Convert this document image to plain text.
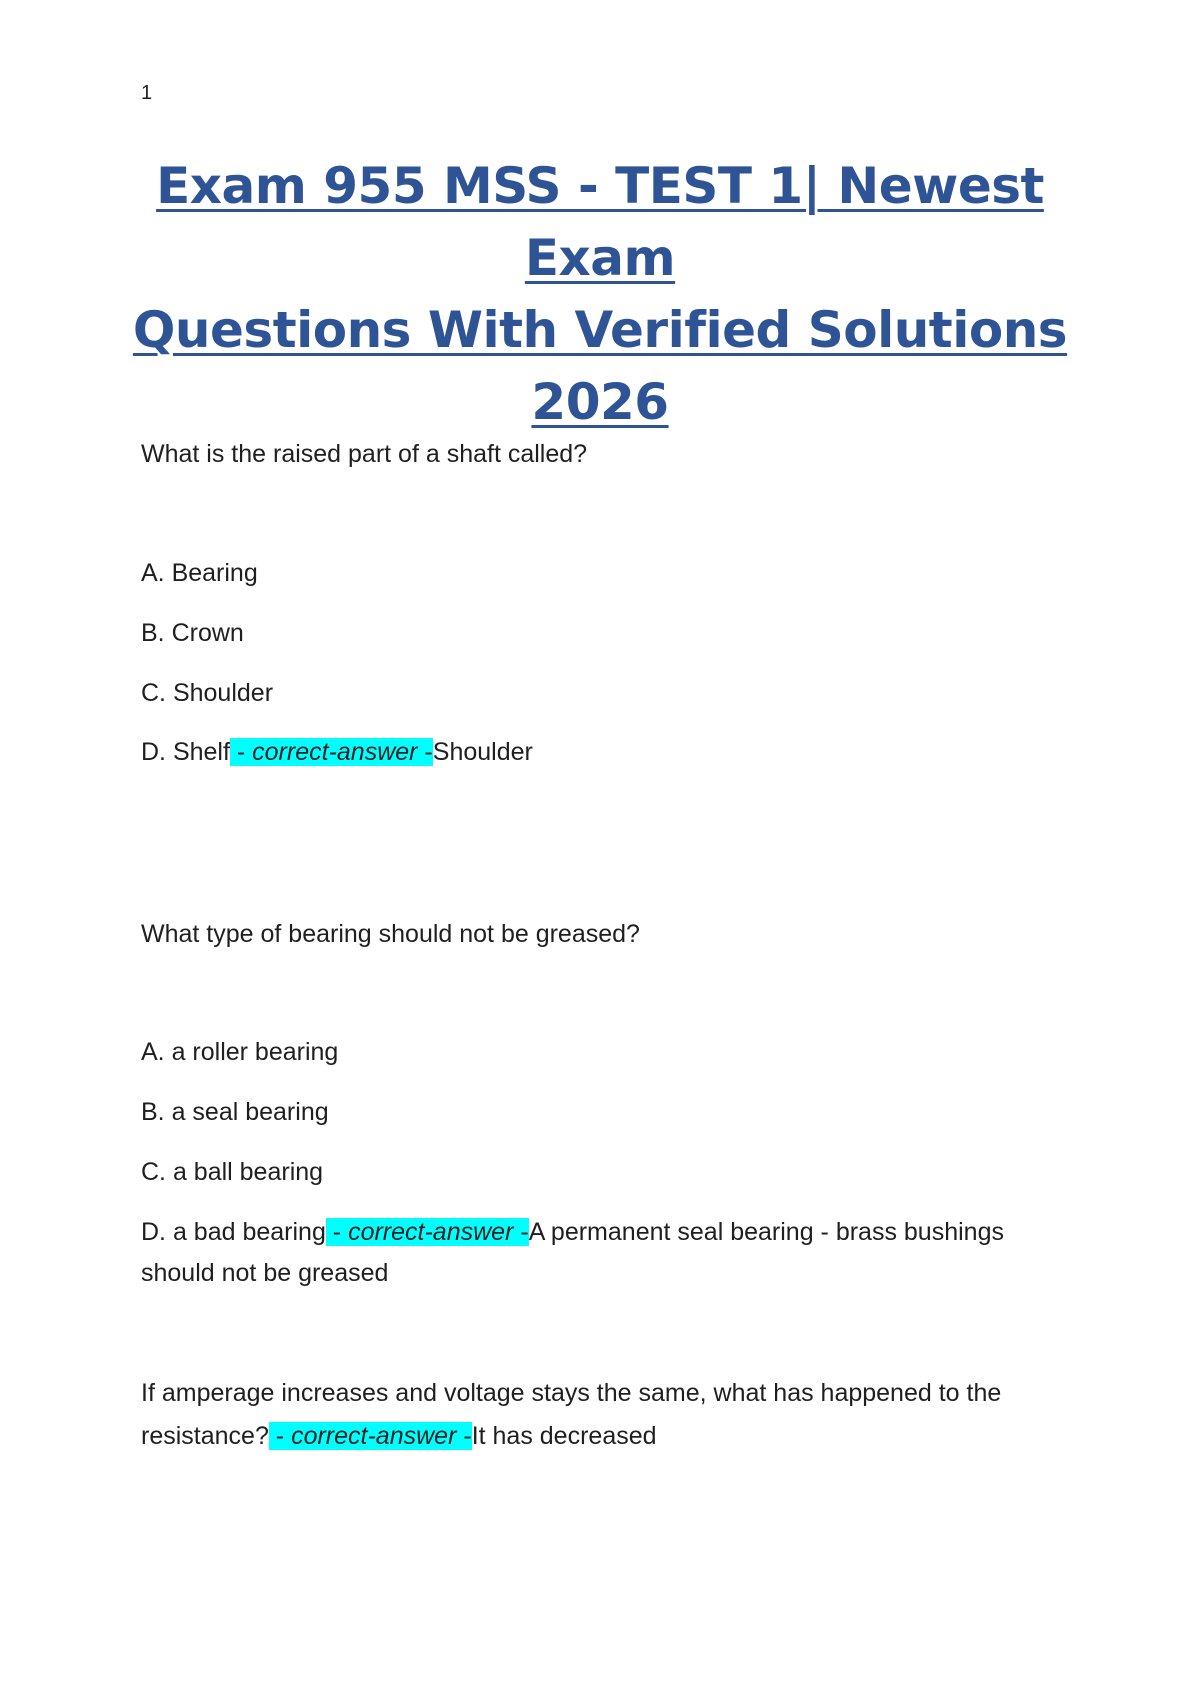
1
Exam 955 MSS - TEST 1| Newest Exam
Questions With Verified Solutions 2026

What is the raised part of a shaft called?

A. Bearing

B. Crown

C. Shoulder

D. Shelf - correct-answer -Shoulder

What type of bearing should not be greased?

A. a roller bearing

B. a seal bearing

C. a ball bearing

D. a bad bearing - correct-answer -A permanent seal bearing - brass bushings

should not be greased

If amperage increases and voltage stays the same, what has happened to the

resistance? - correct-answer -It has decreased
